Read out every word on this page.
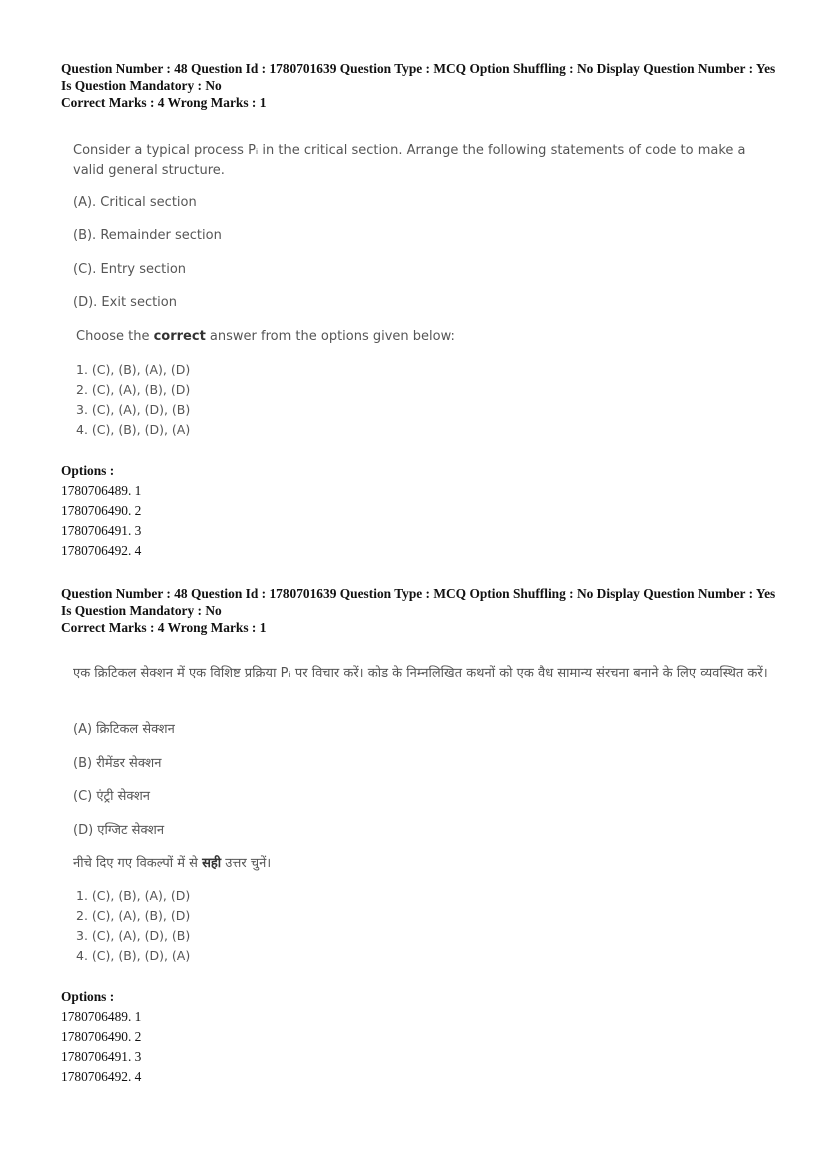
Question Number : 48 Question Id : 1780701639 Question Type : MCQ Option Shuffling : No Display Question Number : Yes
Is Question Mandatory : No
Correct Marks : 4 Wrong Marks : 1

Consider a typical process Pᵢ in the critical section. Arrange the following statements of code to make a valid general structure.

(A). Critical section
(B). Remainder section
(C). Entry section
(D). Exit section
Choose the correct answer from the options given below:
1. (C), (B), (A), (D)
2. (C), (A), (B), (D)
3. (C), (A), (D), (B)
4. (C), (B), (D), (A)
Options :
1780706489. 1
1780706490. 2
1780706491. 3
1780706492. 4
Question Number : 48 Question Id : 1780701639 Question Type : MCQ Option Shuffling : No Display Question Number : Yes
Is Question Mandatory : No
Correct Marks : 4 Wrong Marks : 1

एक क्रिटिकल सेक्शन में एक विशिष्ट प्रक्रिया Pᵢ पर विचार करें। कोड के निम्नलिखित कथनों को एक वैध सामान्य संरचना बनाने के लिए व्यवस्थित करें।

(A) क्रिटिकल सेक्शन
(B) रीमेंडर सेक्शन
(C) एंट्री सेक्शन
(D) एग्जिट सेक्शन
नीचे दिए गए विकल्पों में से सही उत्तर चुनें।
1. (C), (B), (A), (D)
2. (C), (A), (B), (D)
3. (C), (A), (D), (B)
4. (C), (B), (D), (A)
Options :
1780706489. 1
1780706490. 2
1780706491. 3
1780706492. 4
